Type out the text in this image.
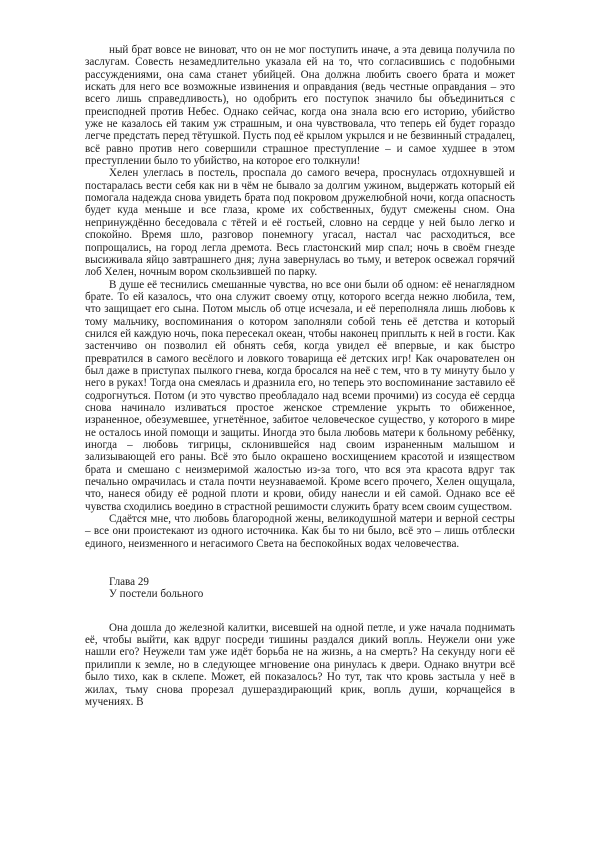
ный брат вовсе не виноват, что он не мог поступить иначе, а эта девица получила по заслугам. Совесть незамедлительно указала ей на то, что согласившись с подобными рассуждениями, она сама станет убийцей. Она должна любить своего брата и может искать для него все возможные извинения и оправдания (ведь честные оправдания – это всего лишь справедливость), но одобрить его поступок значило бы объединиться с преисподней против Небес. Однако сейчас, когда она знала всю его историю, убийство уже не казалось ей таким уж страшным, и она чувствовала, что теперь ей будет гораздо легче предстать перед тётушкой. Пусть под её крылом укрылся и не безвинный страдалец, всё равно против него совершили страшное преступление – и самое худшее в этом преступлении было то убийство, на которое его толкнули!

Хелен улеглась в постель, проспала до самого вечера, проснулась отдохнувшей и постаралась вести себя как ни в чём не бывало за долгим ужином, выдержать который ей помогала надежда снова увидеть брата под покровом дружелюбной ночи, когда опасность будет куда меньше и все глаза, кроме их собственных, будут смежены сном. Она непринуждённо беседовала с тётей и её гостьей, словно на сердце у ней было легко и спокойно. Время шло, разговор понемногу угасал, настал час расходиться, все попрощались, на город легла дремота. Весь гластонский мир спал; ночь в своём гнезде высиживала яйцо завтрашнего дня; луна завернулась во тьму, и ветерок освежал горячий лоб Хелен, ночным вором скользившей по парку.

В душе её теснились смешанные чувства, но все они были об одном: её ненаглядном брате. То ей казалось, что она служит своему отцу, которого всегда нежно любила, тем, что защищает его сына. Потом мысль об отце исчезала, и её переполняла лишь любовь к тому мальчику, воспоминания о котором заполняли собой тень её детства и который снился ей каждую ночь, пока пересекал океан, чтобы наконец приплыть к ней в гости. Как застенчиво он позволил ей обнять себя, когда увидел её впервые, и как быстро превратился в самого весёлого и ловкого товарища её детских игр! Как очарователен он был даже в приступах пылкого гнева, когда бросался на неё с тем, что в ту минуту было у него в руках! Тогда она смеялась и дразнила его, но теперь это воспоминание заставило её содрогнуться. Потом (и это чувство преобладало над всеми прочими) из сосуда её сердца снова начинало изливаться простое женское стремление укрыть то обиженное, израненное, обезумевшее, угнетённое, забитое человеческое существо, у которого в мире не осталось иной помощи и защиты. Иногда это была любовь матери к больному ребёнку, иногда – любовь тигрицы, склонившейся над своим израненным малышом и зализывающей его раны. Всё это было окрашено восхищением красотой и изяществом брата и смешано с неизмеримой жалостью из-за того, что вся эта красота вдруг так печально омрачилась и стала почти неузнаваемой. Кроме всего прочего, Хелен ощущала, что, нанеся обиду её родной плоти и крови, обиду нанесли и ей самой. Однако все её чувства сходились воедино в страстной решимости служить брату всем своим существом.

Сдаётся мне, что любовь благородной жены, великодушной матери и верной сестры – все они проистекают из одного источника. Как бы то ни было, всё это – лишь отблески единого, неизменного и негасимого Света на беспокойных водах человечества.

Глава 29
У постели больного

Она дошла до железной калитки, висевшей на одной петле, и уже начала поднимать её, чтобы выйти, как вдруг посреди тишины раздался дикий вопль. Неужели они уже нашли его? Неужели там уже идёт борьба не на жизнь, а на смерть? На секунду ноги её прилипли к земле, но в следующее мгновение она ринулась к двери. Однако внутри всё было тихо, как в склепе. Может, ей показалось? Но тут, так что кровь застыла у неё в жилах, тьму снова прорезал душераздирающий крик, вопль души, корчащейся в мучениях. В
